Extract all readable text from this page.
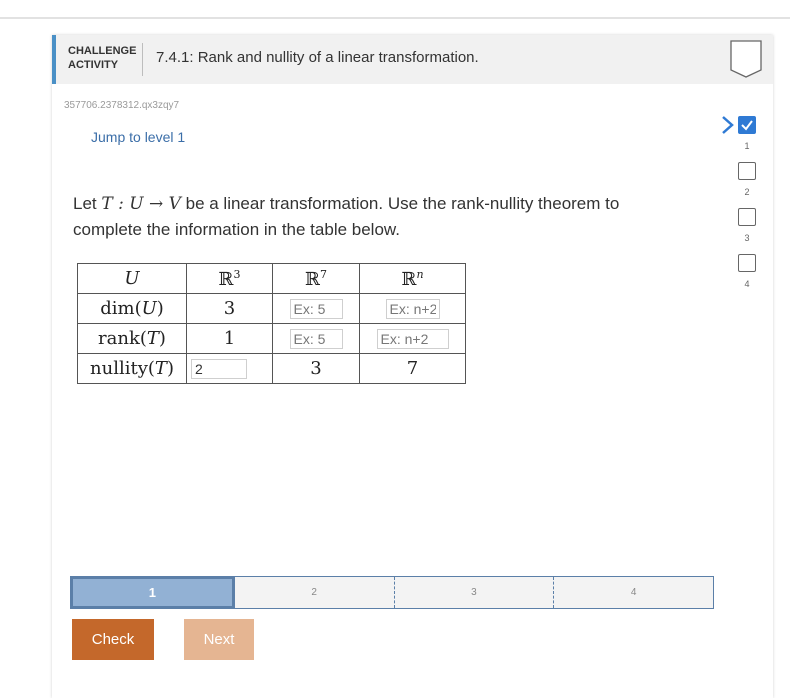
CHALLENGE ACTIVITY	7.4.1: Rank and nullity of a linear transformation.
357706.2378312.qx3zqy7
Jump to level 1
Let T : U → V be a linear transformation. Use the rank-nullity theorem to complete the information in the table below.
U	ℝ$^3$	ℝ$^7$	ℝ$^n$
dim(U)	3	Ex: 5	Ex: n+2
rank(T)	1	Ex: 5	Ex: n+2
nullity(T)	2	3	7
1	2	3	4
Check	Next
1
2
3
4
